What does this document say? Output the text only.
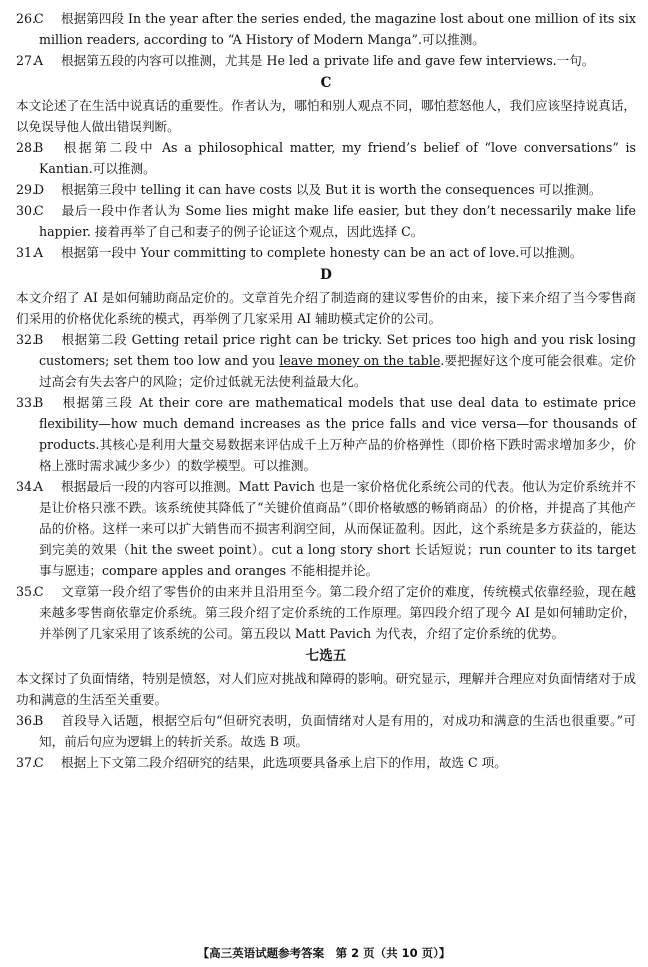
26.C 根据第四段 In the year after the series ended, the magazine lost about one million of its six million readers, according to “A History of Modern Manga”.可以推测。

27.A 根据第五段的内容可以推测，尤其是 He led a private life and gave few interviews.一句。

C

本文论述了在生活中说真话的重要性。作者认为，哪怕和别人观点不同，哪怕惹怒他人，我们应该坚持说真话，以免误导他人做出错误判断。

28.B 根据第二段中 As a philosophical matter, my friend’s belief of “love conversations” is Kantian.可以推测。

29.D 根据第三段中 telling it can have costs 以及 But it is worth the consequences 可以推测。

30.C 最后一段中作者认为 Some lies might make life easier, but they don’t necessarily make life happier. 接着再举了自己和妻子的例子论证这个观点，因此选择 C。

31.A 根据第一段中 Your committing to complete honesty can be an act of love.可以推测。

D

本文介绍了 AI 是如何辅助商品定价的。文章首先介绍了制造商的建议零售价的由来，接下来介绍了当今零售商们采用的价格优化系统的模式，再举例了几家采用 AI 辅助模式定价的公司。

32.B 根据第二段 Getting retail price right can be tricky. Set prices too high and you risk losing customers; set them too low and you leave money on the table.要把握好这个度可能会很难。定价过高会有失去客户的风险；定价过低就无法使利益最大化。

33.B 根据第三段 At their core are mathematical models that use deal data to estimate price flexibility—how much demand increases as the price falls and vice versa—for thousands of products.其核心是利用大量交易数据来评估成千上万种产品的价格弹性（即价格下跌时需求增加多少，价格上涨时需求减少多少）的数学模型。可以推测。

34.A 根据最后一段的内容可以推测。Matt Pavich 也是一家价格优化系统公司的代表。他认为定价系统并不是让价格只涨不跌。该系统使其降低了“关键价值商品”（即价格敏感的畅销商品）的价格，并提高了其他产品的价格。这样一来可以扩大销售而不损害利润空间，从而保证盈利。因此，这个系统是多方获益的，能达到完美的效果（hit the sweet point）。cut a long story short 长话短说；run counter to its target 事与愿违；compare apples and oranges 不能相提并论。

35.C 文章第一段介绍了零售价的由来并且沿用至今。第二段介绍了定价的难度，传统模式依靠经验，现在越来越多零售商依靠定价系统。第三段介绍了定价系统的工作原理。第四段介绍了现今 AI 是如何辅助定价，并举例了几家采用了该系统的公司。第五段以 Matt Pavich 为代表，介绍了定价系统的优势。

七选五

本文探讨了负面情绪，特别是愤怒，对人们应对挑战和障碍的影响。研究显示，理解并合理应对负面情绪对于成功和满意的生活至关重要。

36.B 首段导入话题，根据空后句“但研究表明，负面情绪对人是有用的，对成功和满意的生活也很重要。”可知，前后句应为逻辑上的转折关系。故选 B 项。

37.C 根据上下文第二段介绍研究的结果，此选项要具备承上启下的作用，故选 C 项。

【高三英语试题参考答案　第 2 页（共 10 页）】
